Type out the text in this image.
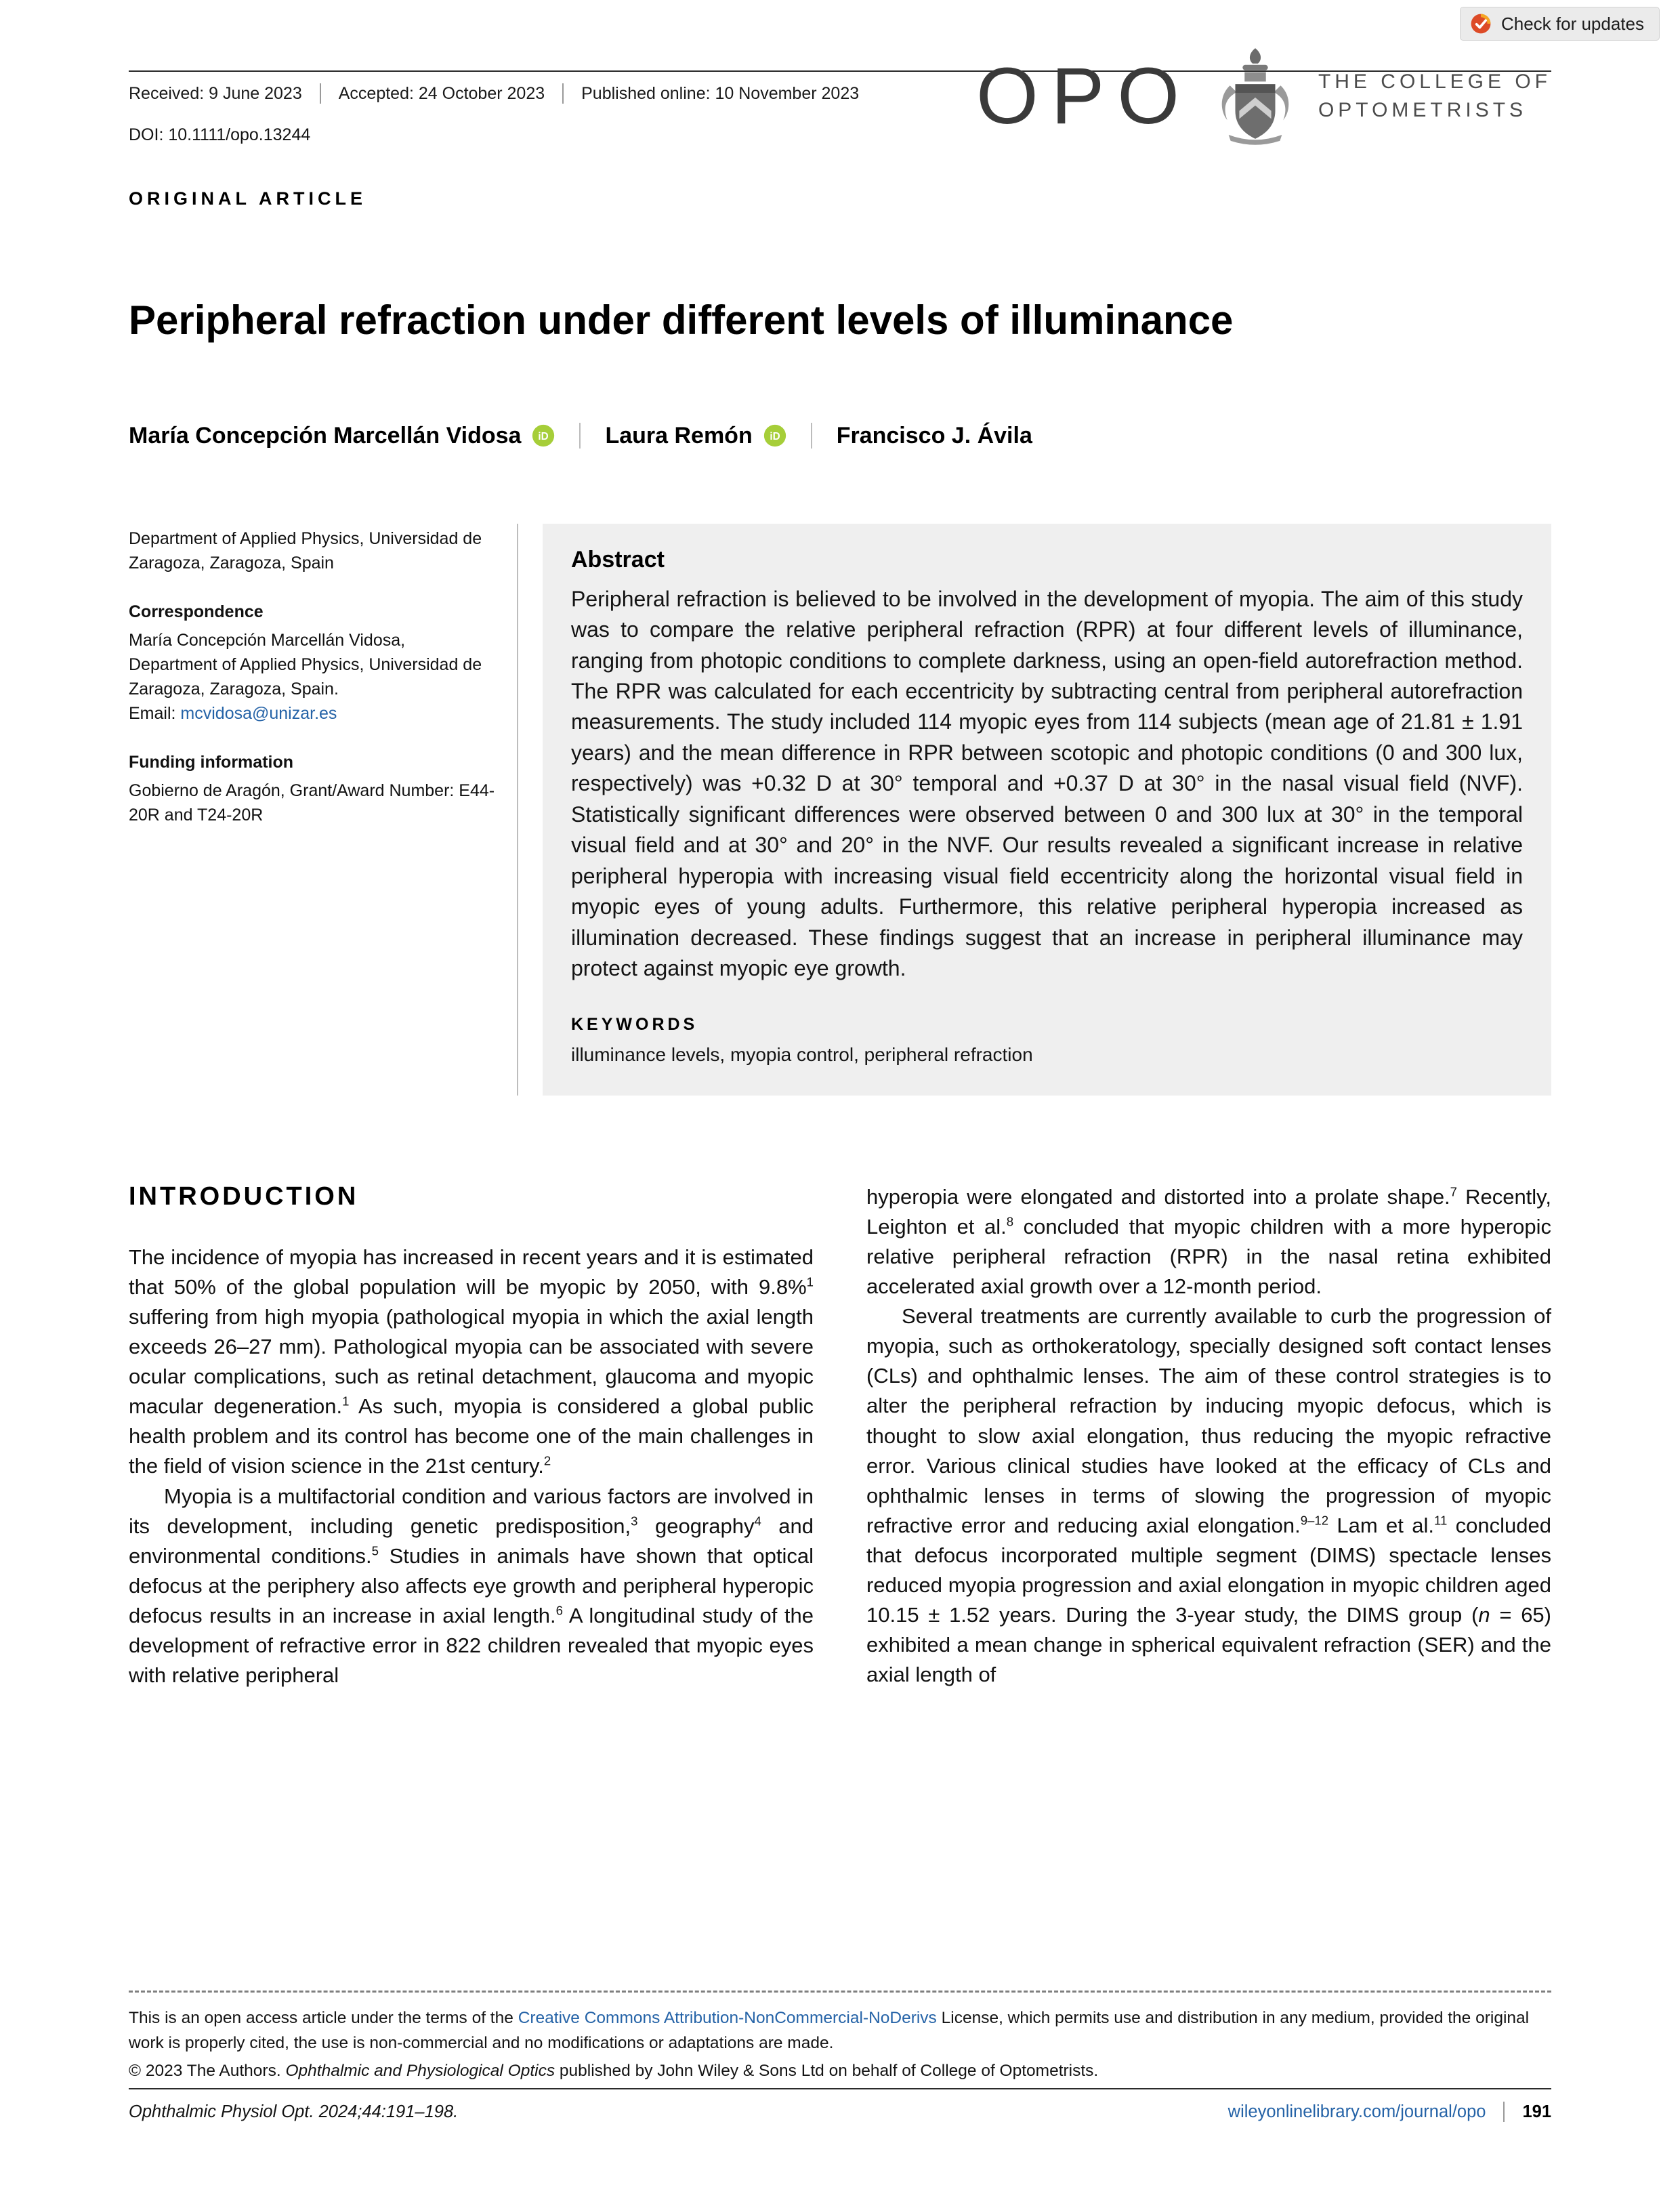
Check for updates
OPO	THE COLLEGE OF
OPTOMETRISTS
Received: 9 June 2023 Accepted: 24 October 2023 Published online: 10 November 2023
DOI: 10.1111/opo.13244
ORIGINAL ARTICLE
Peripheral refraction under different levels of illuminance
María Concepción Marcellán Vidosa iD Laura Remón iD Francisco J. Ávila
Department of Applied Physics, Universidad de Zaragoza, Zaragoza, Spain
Correspondence
María Concepción Marcellán Vidosa, Department of Applied Physics, Universidad de Zaragoza, Zaragoza, Spain.
Email: mcvidosa@unizar.es
Funding information
Gobierno de Aragón, Grant/Award Number: E44-20R and T24-20R
Abstract

Peripheral refraction is believed to be involved in the development of myopia. The aim of this study was to compare the relative peripheral refraction (RPR) at four different levels of illuminance, ranging from photopic conditions to complete darkness, using an open-field autorefraction method. The RPR was calculated for each eccentricity by subtracting central from peripheral autorefraction measurements. The study included 114 myopic eyes from 114 subjects (mean age of 21.81 ± 1.91 years) and the mean difference in RPR between scotopic and photopic conditions (0 and 300 lux, respectively) was +0.32 D at 30° temporal and +0.37 D at 30° in the nasal visual field (NVF). Statistically significant differences were observed between 0 and 300 lux at 30° in the temporal visual field and at 30° and 20° in the NVF. Our results revealed a significant increase in relative peripheral hyperopia with increasing visual field eccentricity along the horizontal visual field in myopic eyes of young adults. Furthermore, this relative peripheral hyperopia increased as illumination decreased. These findings suggest that an increase in peripheral illuminance may protect against myopic eye growth.

KEYWORDS
illuminance levels, myopia control, peripheral refraction
INTRODUCTION

The incidence of myopia has increased in recent years and it is estimated that 50% of the global population will be myopic by 2050, with 9.8%$^1$ suffering from high myopia (pathological myopia in which the axial length exceeds 26–27 mm). Pathological myopia can be associated with severe ocular complications, such as retinal detachment, glaucoma and myopic macular degeneration.$^1$ As such, myopia is considered a global public health problem and its control has become one of the main challenges in the field of vision science in the 21st century.$^2$

Myopia is a multifactorial condition and various factors are involved in its development, including genetic predisposition,$^3$ geography$^4$ and environmental conditions.$^5$ Studies in animals have shown that optical defocus at the periphery also affects eye growth and peripheral hyperopic defocus results in an increase in axial length.$^6$ A longitudinal study of the development of refractive error in 822 children revealed that myopic eyes with relative peripheral

hyperopia were elongated and distorted into a prolate shape.$^7$ Recently, Leighton et al.$^8$ concluded that myopic children with a more hyperopic relative peripheral refraction (RPR) in the nasal retina exhibited accelerated axial growth over a 12-month period.

Several treatments are currently available to curb the progression of myopia, such as orthokeratology, specially designed soft contact lenses (CLs) and ophthalmic lenses. The aim of these control strategies is to alter the peripheral refraction by inducing myopic defocus, which is thought to slow axial elongation, thus reducing the myopic refractive error. Various clinical studies have looked at the efficacy of CLs and ophthalmic lenses in terms of slowing the progression of myopic refractive error and reducing axial elongation.$^{9-12}$ Lam et al.$^{11}$ concluded that defocus incorporated multiple segment (DIMS) spectacle lenses reduced myopia progression and axial elongation in myopic children aged 10.15 ± 1.52 years. During the 3-year study, the DIMS group (n = 65) exhibited a mean change in spherical equivalent refraction (SER) and the axial length of

This is an open access article under the terms of the Creative Commons Attribution-NonCommercial-NoDerivs License, which permits use and distribution in any medium, provided the original work is properly cited, the use is non-commercial and no modifications or adaptations are made.
© 2023 The Authors. Ophthalmic and Physiological Optics published by John Wiley & Sons Ltd on behalf of College of Optometrists.
Ophthalmic Physiol Opt. 2024;44:191–198.	wileyonlinelibrary.com/journal/opo 191
